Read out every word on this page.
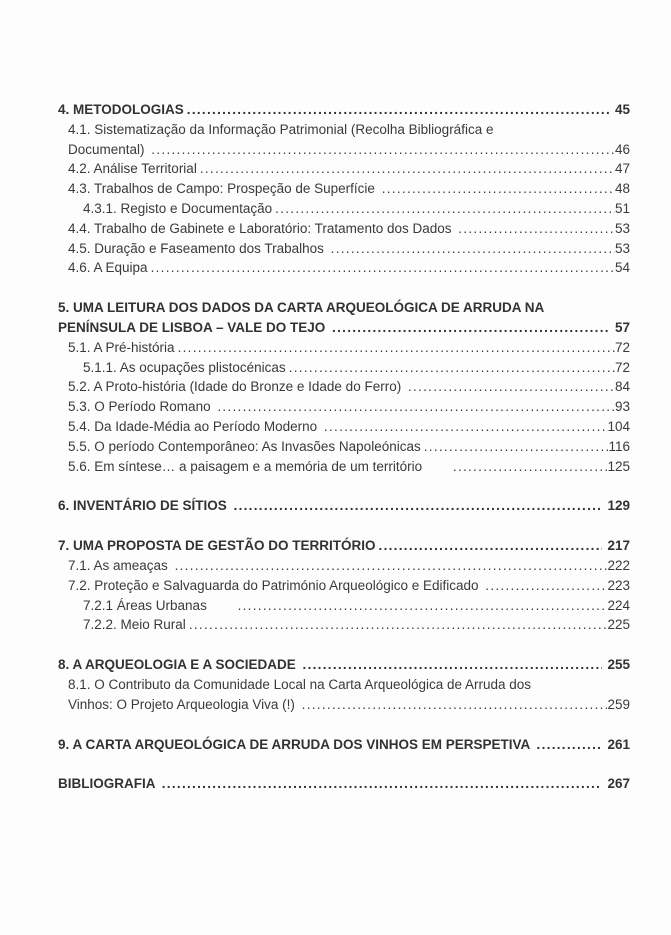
4. METODOLOGIAS .....	45
4.1. Sistematização da Informação Patrimonial (Recolha Bibliográfica e
Documental) .....	46
4.2. Análise Territorial .....	47
4.3. Trabalhos de Campo: Prospeção de Superfície .....	48
4.3.1. Registo e Documentação .....	51
4.4. Trabalho de Gabinete e Laboratório: Tratamento dos Dados .....	53
4.5. Duração e Faseamento dos Trabalhos .....	53
4.6. A Equipa .....	54
5. UMA LEITURA DOS DADOS DA CARTA ARQUEOLÓGICA DE ARRUDA NA
PENÍNSULA DE LISBOA – VALE DO TEJO .....	57
5.1. A Pré-história .....	72
5.1.1. As ocupações plistocénicas .....	72
5.2. A Proto-história (Idade do Bronze e Idade do Ferro) .....	84
5.3. O Período Romano .....	93
5.4. Da Idade-Média ao Período Moderno .....	104
5.5. O período Contemporâneo: As Invasões Napoleónicas .....	116
5.6. Em síntese… a paisagem e a memória de um território .....	125
6. INVENTÁRIO DE SÍTIOS .....	129
7. UMA PROPOSTA DE GESTÃO DO TERRITÓRIO .....	217
7.1. As ameaças .....	222
7.2. Proteção e Salvaguarda do Património Arqueológico e Edificado .....	223
7.2.1 Áreas Urbanas .....	224
7.2.2. Meio Rural .....	225
8. A ARQUEOLOGIA E A SOCIEDADE .....	255
8.1. O Contributo da Comunidade Local na Carta Arqueológica de Arruda dos
Vinhos: O Projeto Arqueologia Viva (!) .....	259
9. A CARTA ARQUEOLÓGICA DE ARRUDA DOS VINHOS EM PERSPETIVA .....	261
BIBLIOGRAFIA .....	267
